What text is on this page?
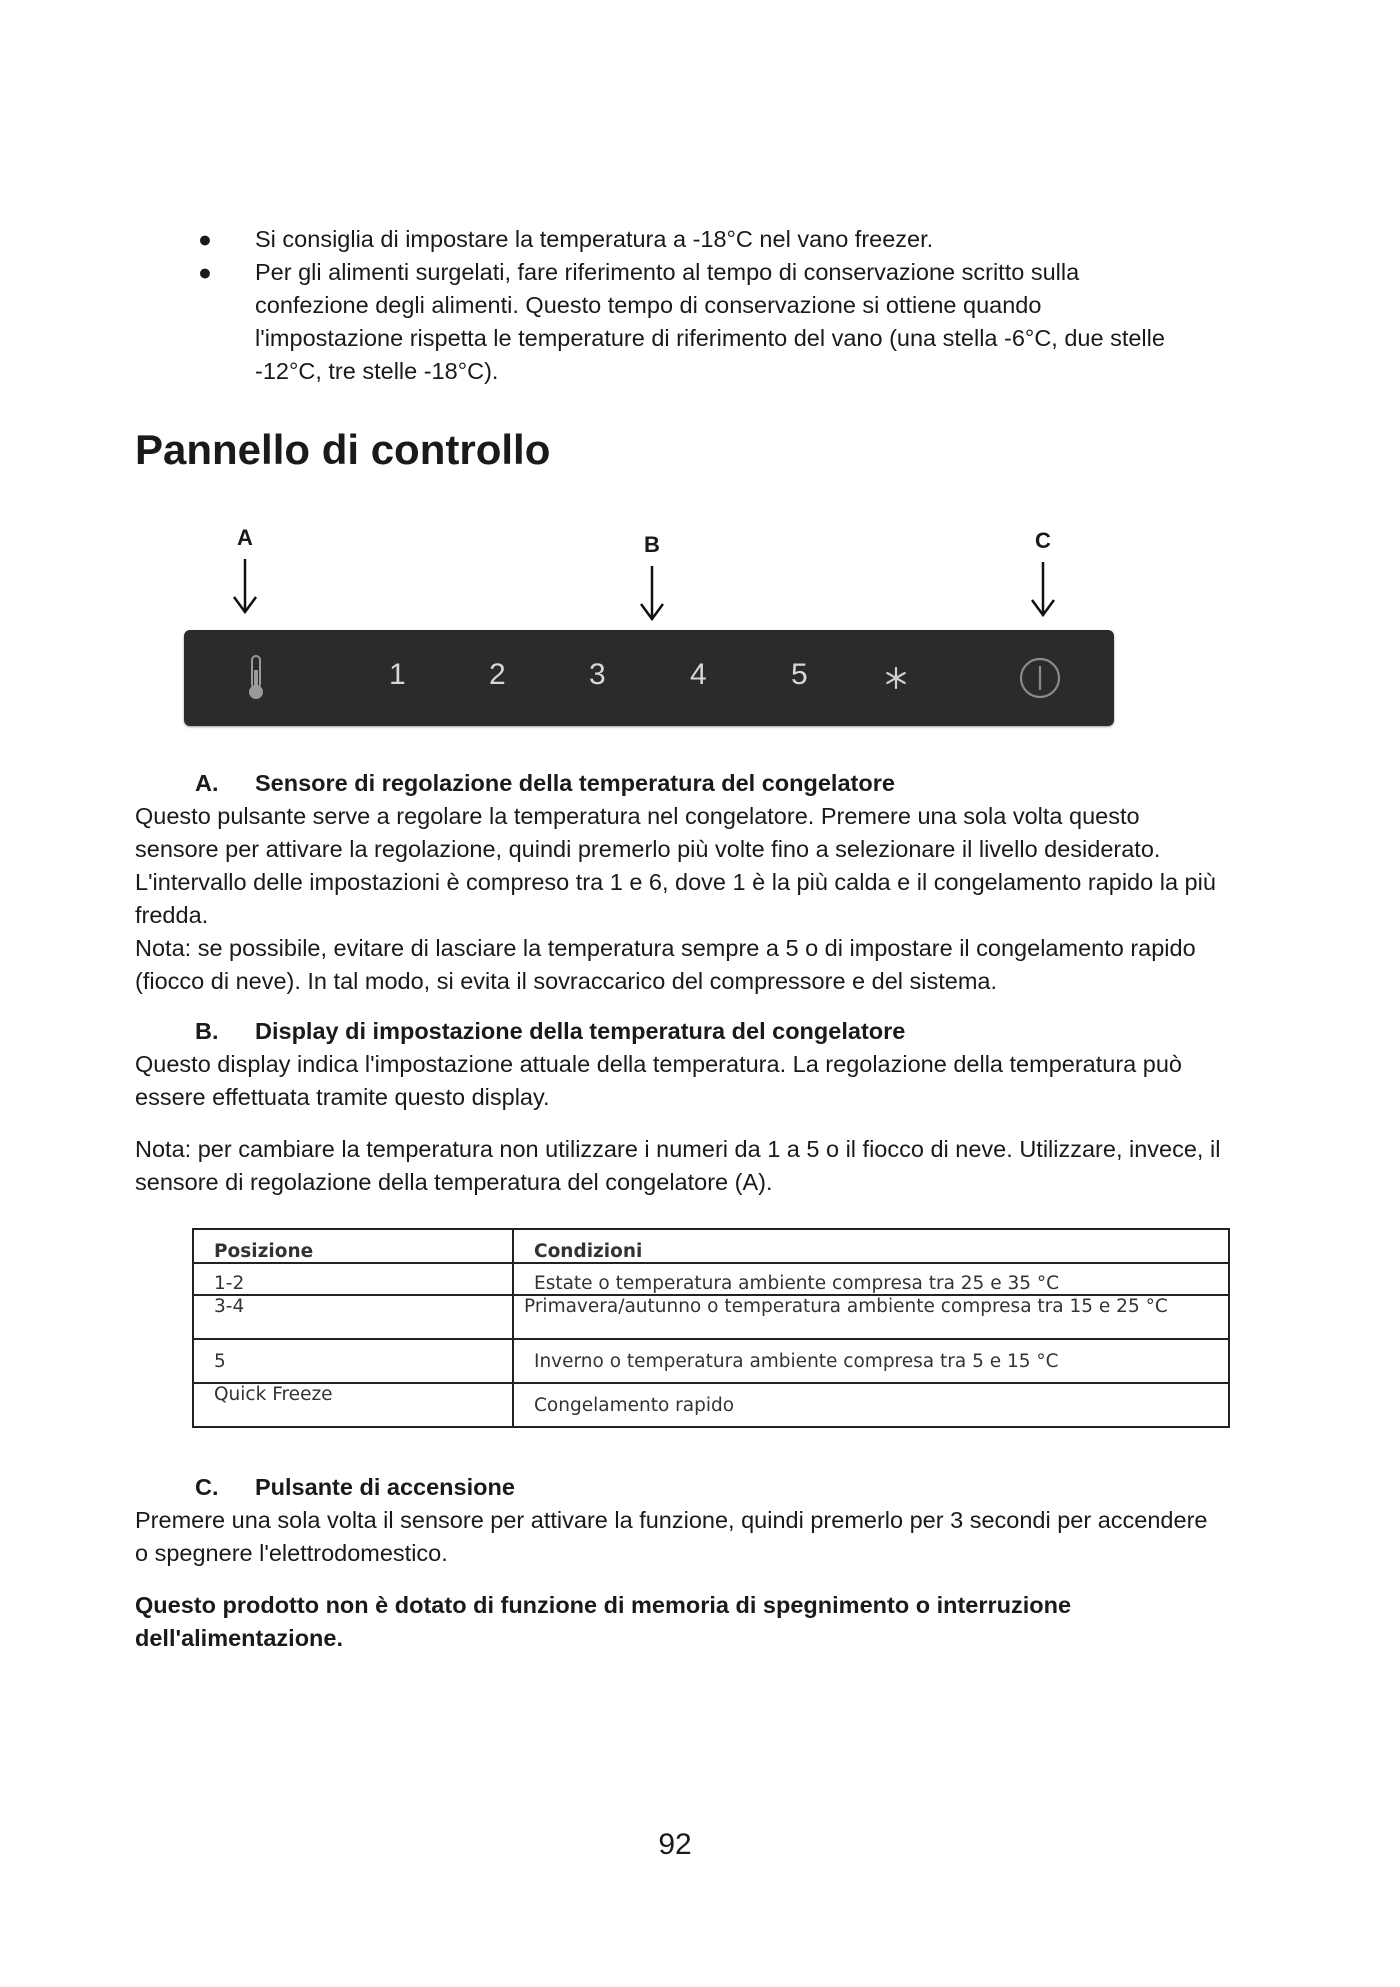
● Si consiglia di impostare la temperatura a -18°C nel vano freezer.
● Per gli alimenti surgelati, fare riferimento al tempo di conservazione scritto sulla confezione degli alimenti. Questo tempo di conservazione si ottiene quando l'impostazione rispetta le temperature di riferimento del vano (una stella -6°C, due stelle -12°C, tre stelle -18°C).
Pannello di controllo
A	B	C
1	2	3	4	5
A. Sensore di regolazione della temperatura del congelatore

Questo pulsante serve a regolare la temperatura nel congelatore. Premere una sola volta questo sensore per attivare la regolazione, quindi premerlo più volte fino a selezionare il livello desiderato. L'intervallo delle impostazioni è compreso tra 1 e 6, dove 1 è la più calda e il congelamento rapido la più fredda.

Nota: se possibile, evitare di lasciare la temperatura sempre a 5 o di impostare il congelamento rapido (fiocco di neve). In tal modo, si evita il sovraccarico del compressore e del sistema.

B. Display di impostazione della temperatura del congelatore

Questo display indica l'impostazione attuale della temperatura. La regolazione della temperatura può essere effettuata tramite questo display.

Nota: per cambiare la temperatura non utilizzare i numeri da 1 a 5 o il fiocco di neve. Utilizzare, invece, il sensore di regolazione della temperatura del congelatore (A).

Posizione	Condizioni
1-2	Estate o temperatura ambiente compresa tra 25 e 35 °C
3-4	Primavera/autunno o temperatura ambiente compresa tra 15 e 25 °C
5	Inverno o temperatura ambiente compresa tra 5 e 15 °C
Quick Freeze	Congelamento rapido
C. Pulsante di accensione

Premere una sola volta il sensore per attivare la funzione, quindi premerlo per 3 secondi per accendere o spegnere l'elettrodomestico.

Questo prodotto non è dotato di funzione di memoria di spegnimento o interruzione dell'alimentazione.

92
